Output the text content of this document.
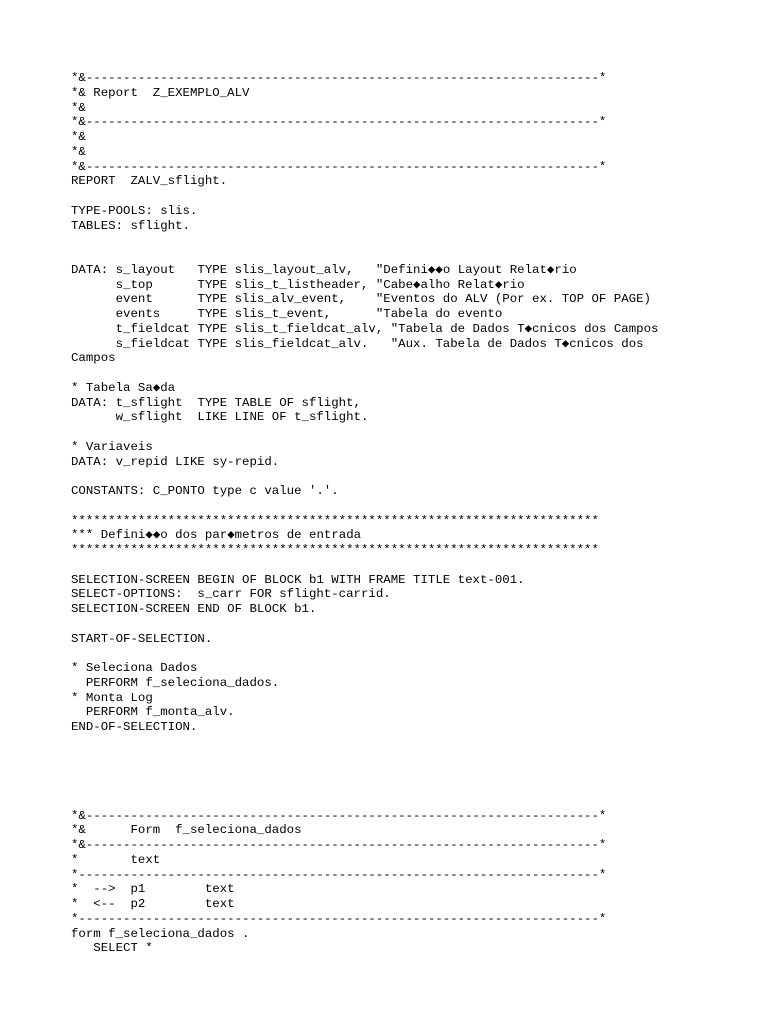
*&---------------------------------------------------------------------*
*& Report  Z_EXEMPLO_ALV
*&
*&---------------------------------------------------------------------*
*&
*&
*&---------------------------------------------------------------------*
REPORT  ZALV_sflight.
TYPE-POOLS: slis.
TABLES: sflight.
DATA: s_layout   TYPE slis_layout_alv,   "Defini◆◆o Layout Relat◆rio
s_top      TYPE slis_t_listheader, "Cabe◆alho Relat◆rio
event      TYPE slis_alv_event,    "Eventos do ALV (Por ex. TOP OF PAGE)
events     TYPE slis_t_event,      "Tabela do evento
t_fieldcat TYPE slis_t_fieldcat_alv, "Tabela de Dados T◆cnicos dos Campos
s_fieldcat TYPE slis_fieldcat_alv.   "Aux. Tabela de Dados T◆cnicos dos
Campos
* Tabela Sa◆da
DATA: t_sflight  TYPE TABLE OF sflight,
w_sflight  LIKE LINE OF t_sflight.
* Variaveis
DATA: v_repid LIKE sy-repid.
CONSTANTS: C_PONTO type c value '.'.
***********************************************************************
*** Defini◆◆o dos par◆metros de entrada
***********************************************************************
SELECTION-SCREEN BEGIN OF BLOCK b1 WITH FRAME TITLE text-001.
SELECT-OPTIONS:  s_carr FOR sflight-carrid.
SELECTION-SCREEN END OF BLOCK b1.
START-OF-SELECTION.
* Seleciona Dados
PERFORM f_seleciona_dados.
* Monta Log
PERFORM f_monta_alv.
END-OF-SELECTION.
*&---------------------------------------------------------------------*
*&      Form  f_seleciona_dados
*&---------------------------------------------------------------------*
*       text
*----------------------------------------------------------------------*
*  -->  p1        text
*  <--  p2        text
*----------------------------------------------------------------------*
form f_seleciona_dados .
SELECT *
